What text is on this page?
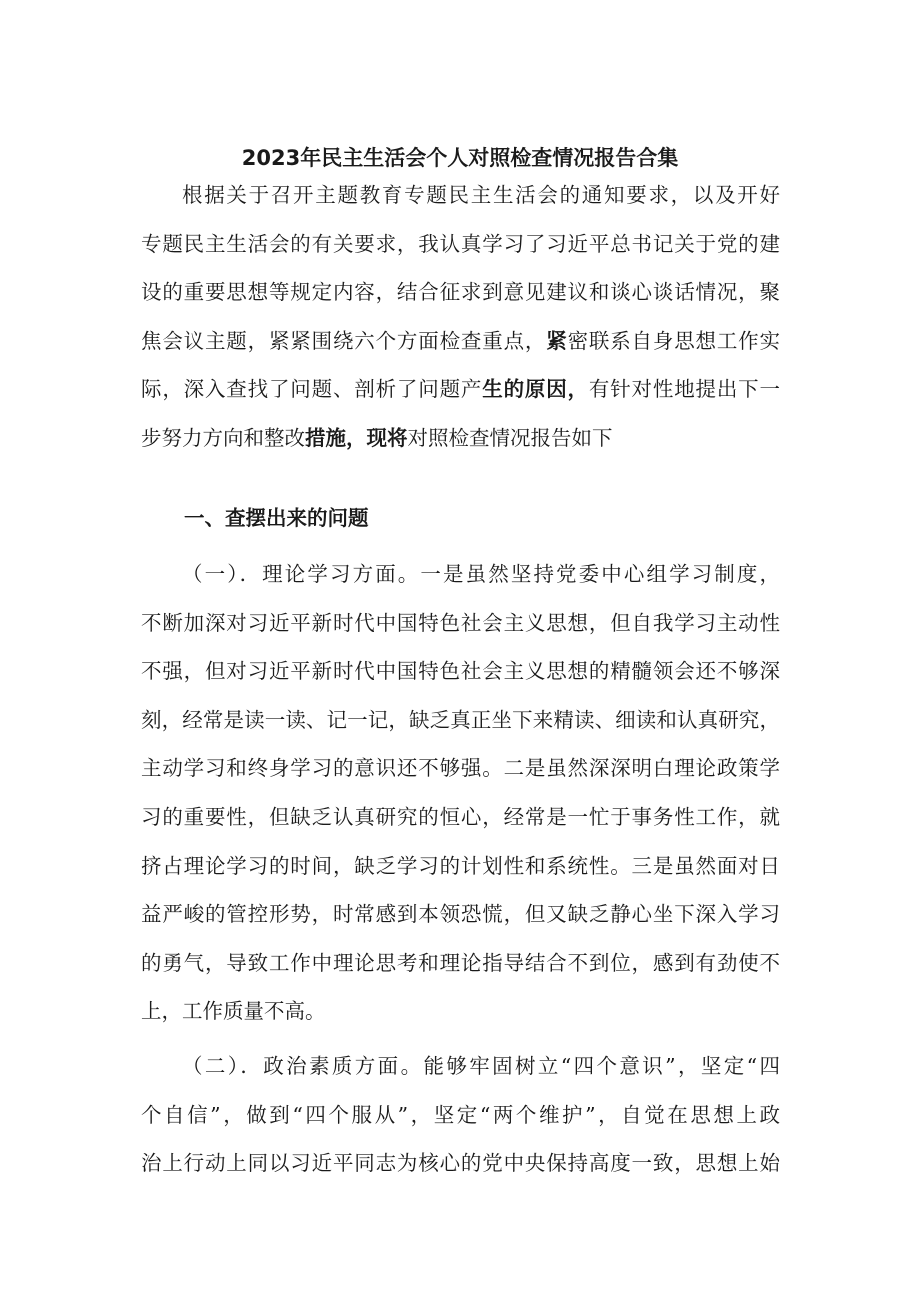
2023年民主生活会个人对照检查情况报告合集
根据关于召开主题教育专题民主生活会的通知要求，以及开好
专题民主生活会的有关要求，我认真学习了习近平总书记关于党的建
设的重要思想等规定内容，结合征求到意见建议和谈心谈话情况，聚
焦会议主题，紧紧围绕六个方面检查重点，紧密联系自身思想工作实
际，深入查找了问题、剖析了问题产生的原因，有针对性地提出下一
步努力方向和整改措施，现将对照检查情况报告如下
一、查摆出来的问题
（一）．理论学习方面。一是虽然坚持党委中心组学习制度，
不断加深对习近平新时代中国特色社会主义思想，但自我学习主动性
不强，但对习近平新时代中国特色社会主义思想的精髓领会还不够深
刻，经常是读一读、记一记，缺乏真正坐下来精读、细读和认真研究，
主动学习和终身学习的意识还不够强。二是虽然深深明白理论政策学
习的重要性，但缺乏认真研究的恒心，经常是一忙于事务性工作，就
挤占理论学习的时间，缺乏学习的计划性和系统性。三是虽然面对日
益严峻的管控形势，时常感到本领恐慌，但又缺乏静心坐下深入学习
的勇气，导致工作中理论思考和理论指导结合不到位，感到有劲使不
上，工作质量不高。
（二）．政治素质方面。能够牢固树立“四个意识”，坚定“四
个自信”，做到“四个服从”，坚定“两个维护”，自觉在思想上政
治上行动上同以习近平同志为核心的党中央保持高度一致，思想上始
